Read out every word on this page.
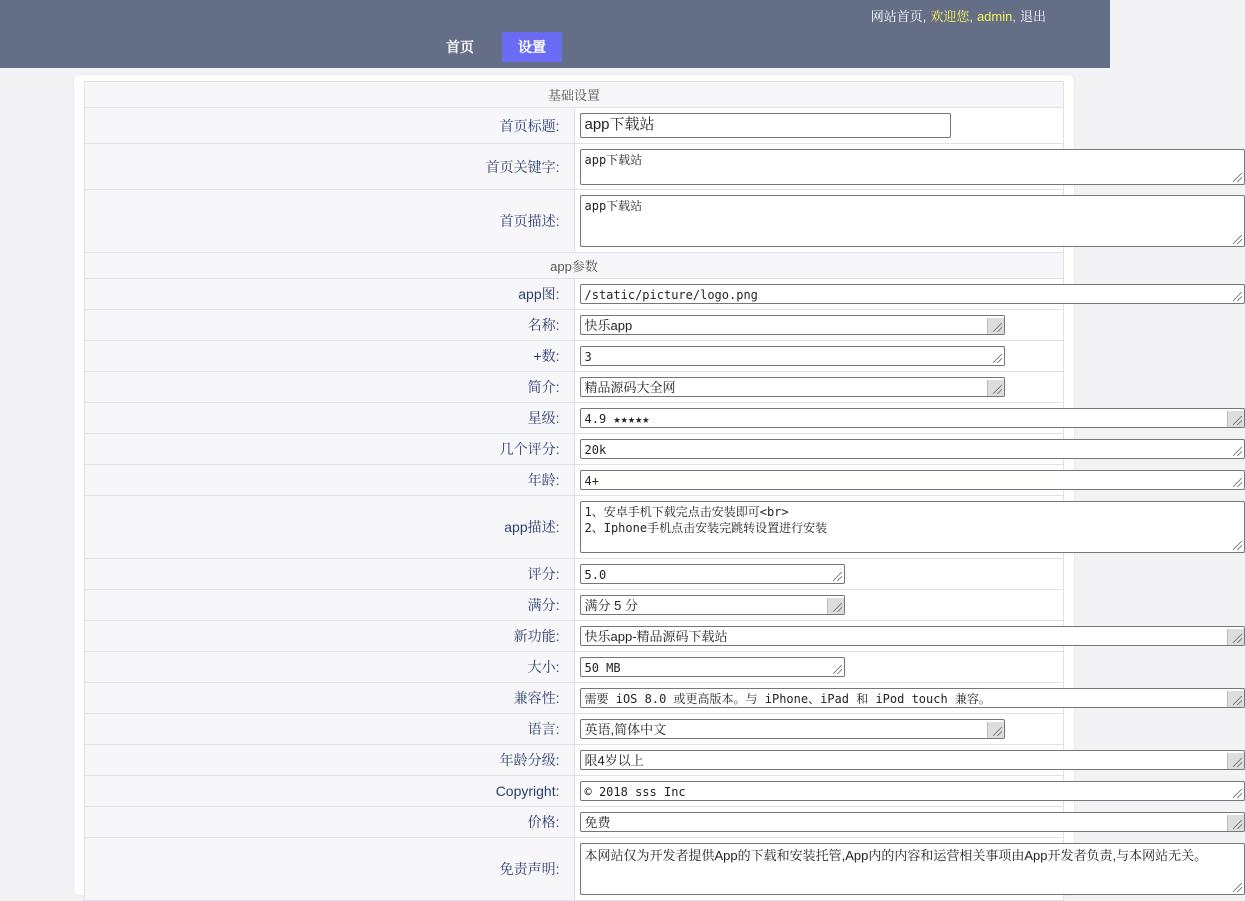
网站首页, 欢迎您, admin, 退出
首页	设置
基础设置	
首页标题:	app下载站

首页关键字:	app下载站

首页描述:	app下载站

app参数	
app图:	/static/picture/logo.png

名称:	快乐app

+数:	3

简介:	精品源码大全网

星级:	4.9 ★★★★★

几个评分:	20k

年龄:	4+

app描述:	1、安卓手机下载完点击安装即可<br>
2、Iphone手机点击安装完跳转设置进行安装

评分:	5.0

满分:	满分 5 分

新功能:	快乐app-精品源码下载站

大小:	50 MB

兼容性:	需要 iOS 8.0 或更高版本。与 iPhone、iPad 和 iPod touch 兼容。

语言:	英语,简体中文

年龄分级:	限4岁以上

Copyright:	© 2018 sss Inc

价格:	免费

免责声明:	本网站仅为开发者提供App的下载和安装托管,App内的内容和运营相关事项由App开发者负责,与本网站无关。
